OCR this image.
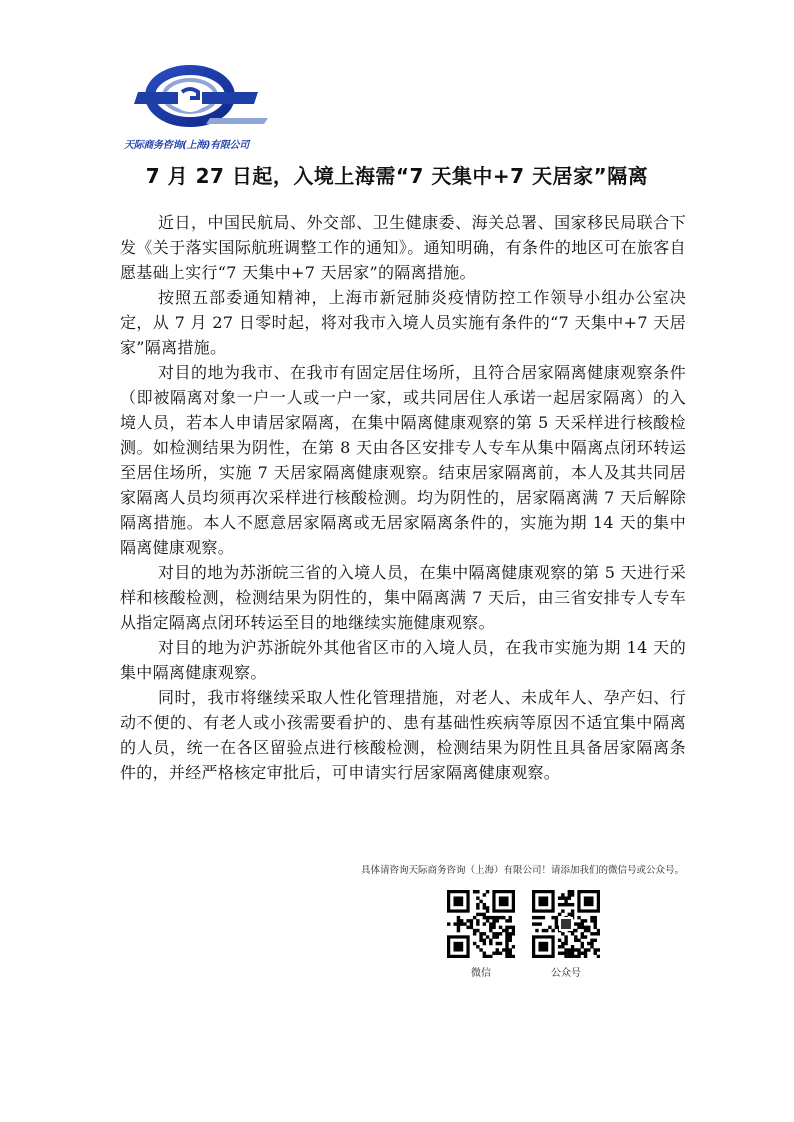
天际商务咨询(上海)有限公司
7 月 27 日起，入境上海需“7 天集中+7 天居家”隔离

近日，中国民航局、外交部、卫生健康委、海关总署、国家移民局联合下发《关于落实国际航班调整工作的通知》。通知明确，有条件的地区可在旅客自愿基础上实行“7 天集中+7 天居家”的隔离措施。

按照五部委通知精神，上海市新冠肺炎疫情防控工作领导小组办公室决定，从 7 月 27 日零时起，将对我市入境人员实施有条件的“7 天集中+7 天居家”隔离措施。

对目的地为我市、在我市有固定居住场所，且符合居家隔离健康观察条件（即被隔离对象一户一人或一户一家，或共同居住人承诺一起居家隔离）的入境人员，若本人申请居家隔离，在集中隔离健康观察的第 5 天采样进行核酸检测。如检测结果为阴性，在第 8 天由各区安排专人专车从集中隔离点闭环转运至居住场所，实施 7 天居家隔离健康观察。结束居家隔离前，本人及其共同居家隔离人员均须再次采样进行核酸检测。均为阴性的，居家隔离满 7 天后解除隔离措施。本人不愿意居家隔离或无居家隔离条件的，实施为期 14 天的集中隔离健康观察。

对目的地为苏浙皖三省的入境人员，在集中隔离健康观察的第 5 天进行采样和核酸检测，检测结果为阴性的，集中隔离满 7 天后，由三省安排专人专车从指定隔离点闭环转运至目的地继续实施健康观察。

对目的地为沪苏浙皖外其他省区市的入境人员，在我市实施为期 14 天的集中隔离健康观察。

同时，我市将继续采取人性化管理措施，对老人、未成年人、孕产妇、行动不便的、有老人或小孩需要看护的、患有基础性疾病等原因不适宜集中隔离的人员，统一在各区留验点进行核酸检测，检测结果为阴性且具备居家隔离条件的，并经严格核定审批后，可申请实行居家隔离健康观察。

具体请咨询天际商务咨询（上海）有限公司！请添加我们的微信号或公众号。
微信	公众号
